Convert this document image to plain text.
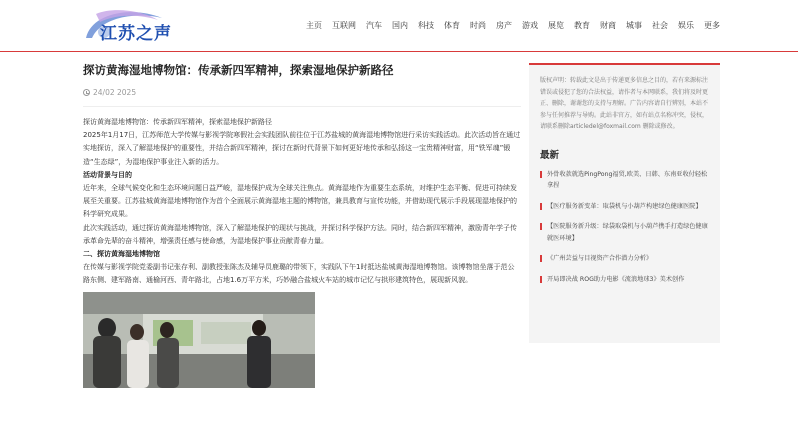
江苏之声	主页 互联网 汽车 国内 科技 体育 时尚 房产 游戏 展览 教育 财商 城事 社会 娱乐 更多
探访黄海湿地博物馆：传承新四军精神，探索湿地保护新路径
24/02 2025

探访黄海湿地博物馆：传承新四军精神，探索湿地保护新路径

2025年1月17日，江苏师范大学传媒与影视学院寒假社会实践团队前往位于江苏盐城的黄海湿地博物馆进行采访实践活动。此次活动旨在通过实地探访，深入了解湿地保护的重要性，并结合新四军精神，探讨在新时代背景下如何更好地传承和弘扬这一宝贵精神财富，用“铁军魂”锻造“生态绿”，为湿地保护事业注入新的活力。

活动背景与目的

近年来，全球气候变化和生态环境问题日益严峻，湿地保护成为全球关注焦点。黄海湿地作为重要生态系统，对维护生态平衡、促进可持续发展至关重要。江苏盐城黄海湿地博物馆作为首个全面展示黄海湿地主题的博物馆，兼具教育与宣传功能，并借助现代展示手段展现湿地保护的科学研究成果。

此次实践活动，通过探访黄海湿地博物馆，深入了解湿地保护的现状与挑战，并探讨科学保护方法。同时，结合新四军精神，激励青年学子传承革命先辈的奋斗精神，增强责任感与使命感，为湿地保护事业贡献青春力量。

二、探访黄海湿地博物馆

在传媒与影视学院党委副书记张存利、副教授张陈杰及辅导员鹿璐的带领下，实践队下午1时抵达盐城黄海湿地博物馆。该博物馆坐落于范公路东侧、建军路南、通榆河西、青年路北，占地1.6万平方米，巧妙融合盐城火车站的城市记忆与拱形建筑特色，展现新风貌。

版权声明：转载此文是出于传递更多信息之目的，若有来源标注错误或侵犯了您的合法权益，请作者与本网联系，我们将及时更正、删除，谢谢您的支持与理解。广告内容请自行辨别，本站不参与任何推荐与导购。此站非官方，如有站点名称冲突，侵权，请联系删除articledel@foxmail.com 删除或修改。

最新
外骨收款就选PingPong福贸,欧美、日韩、东南亚收付轻松拿捏
【医疗服务新变革：取袋机与小葫芦构建绿色健康医院】
【医院服务新升级：绿袋取袋机与小葫芦携手打造绿色健康就医环境】
《广州芸益与目视资产合作潜力分析》
开局即决战 ROG助力电影《流浪地球3》美术创作
